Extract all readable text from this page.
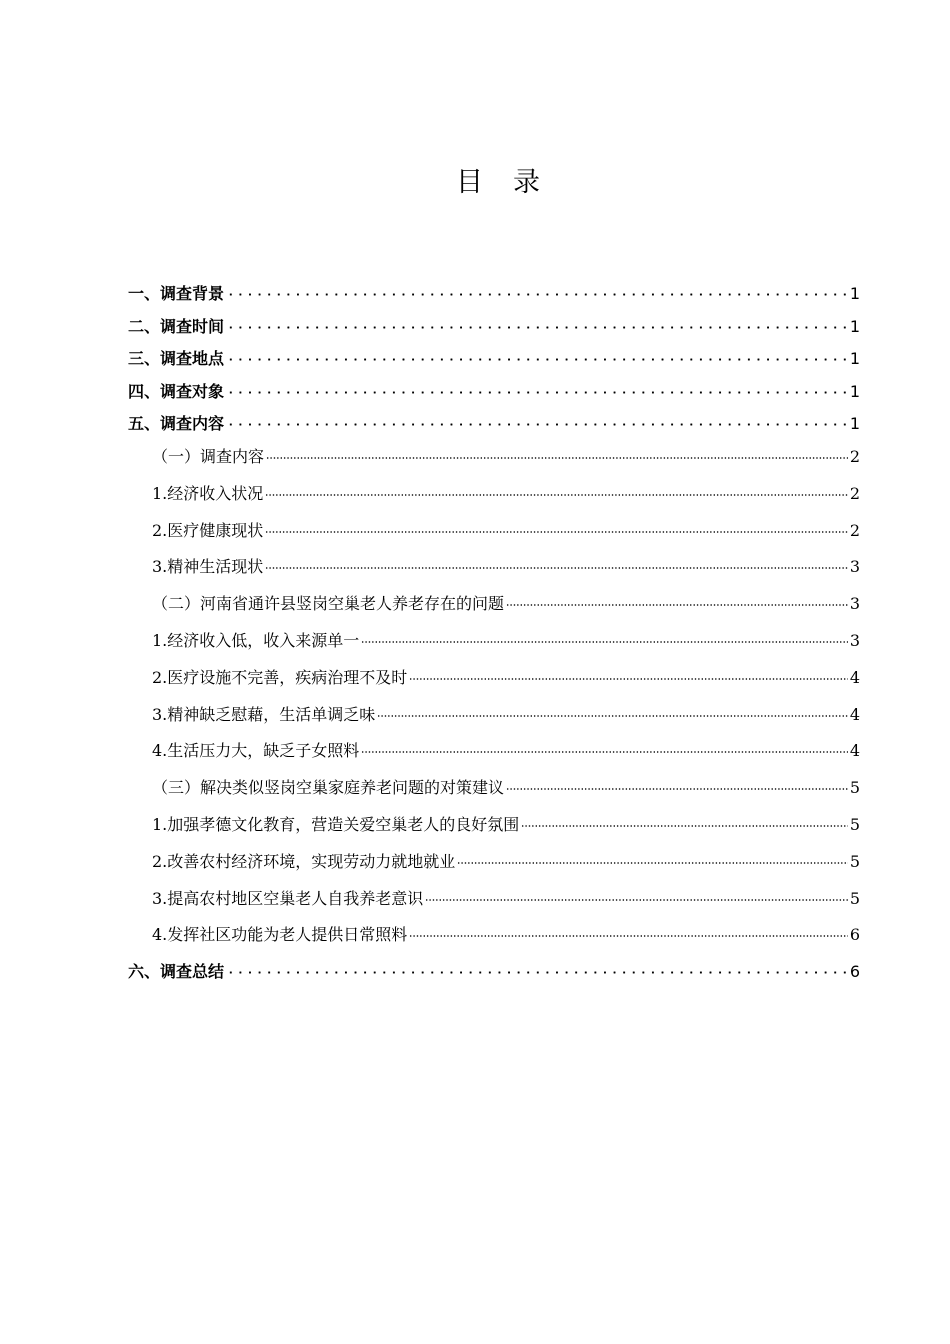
目 录
一、调查背景	1
二、调查时间	1
三、调查地点	1
四、调查对象	1
五、调查内容	1
（一）调查内容	2
1.经济收入状况	2
2.医疗健康现状	2
3.精神生活现状	3
（二）河南省通许县竖岗空巢老人养老存在的问题	3
1.经济收入低，收入来源单一	3
2.医疗设施不完善，疾病治理不及时	4
3.精神缺乏慰藉，生活单调乏味	4
4.生活压力大，缺乏子女照料	4
（三）解决类似竖岗空巢家庭养老问题的对策建议	5
1.加强孝德文化教育，营造关爱空巢老人的良好氛围	5
2.改善农村经济环境，实现劳动力就地就业	5
3.提高农村地区空巢老人自我养老意识	5
4.发挥社区功能为老人提供日常照料	6
六、调查总结	6
